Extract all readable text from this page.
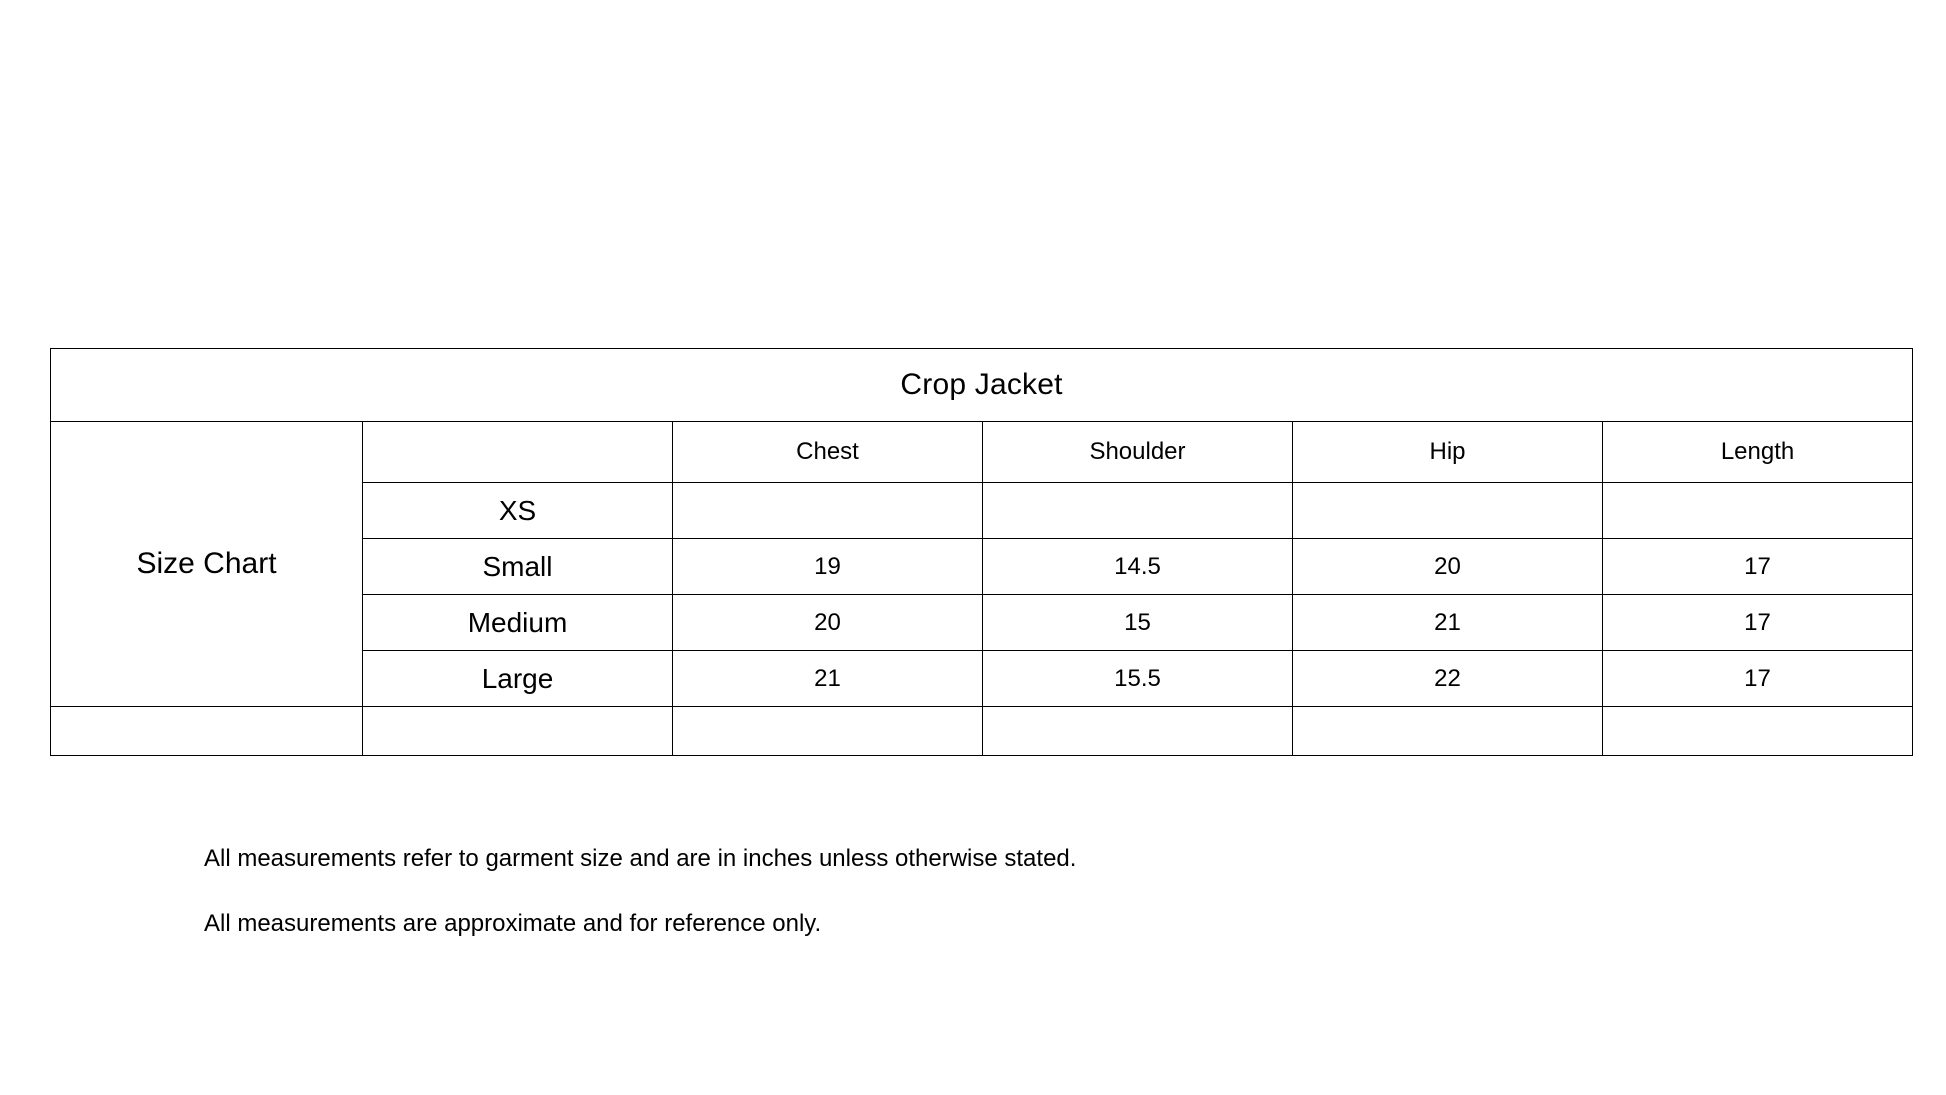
Crop Jacket					
Size Chart		Chest	Shoulder	Hip	Length
	XS				
	Small	19	14.5	20	17
	Medium	20	15	21	17
	Large	21	15.5	22	17

All measurements refer to garment size and are in inches unless otherwise stated.

All measurements are approximate and for reference only.
